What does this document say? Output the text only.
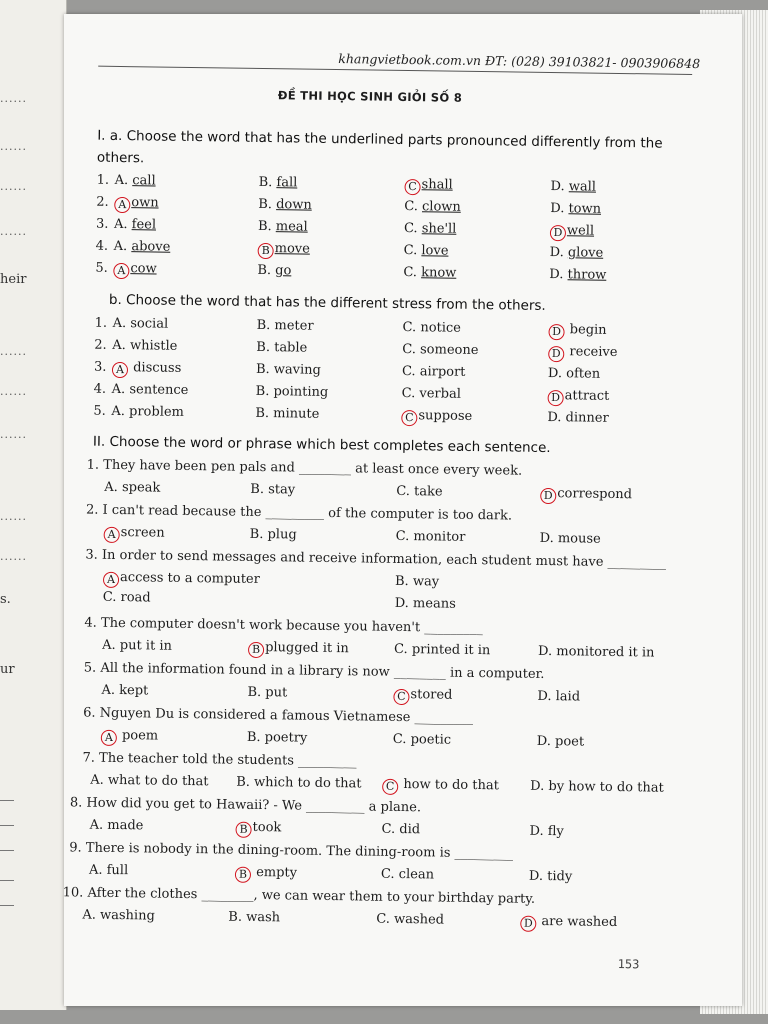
......
......
......
......
heir
......
......
......
......
......
s.
ur
khangvietbook.com.vn ĐT: (028) 39103821- 0903906848
ĐỀ THI HỌC SINH GIỎI SỐ 8
I. a. Choose the word that has the underlined parts pronounced differently from the
others.
1. A. call	B. fall	C shall	D. wall
2. A own	B. down	C. clown	D. town
3. A. feel	B. meal	C. she'll	D well
4. A. above	B move	C. love	D. glove
5. A cow	B. go	C. know	D. throw
b. Choose the word that has the different stress from the others.
1. A. social	B. meter	C. notice	D begin
2. A. whistle	B. table	C. someone	D receive
3. A discuss	B. waving	C. airport	D. often
4. A. sentence	B. pointing	C. verbal	D attract
5. A. problem	B. minute	C suppose	D. dinner
II. Choose the word or phrase which best completes each sentence.
1. They have been pen pals and ________ at least once every week.
A. speak	B. stay	C. take	D correspond
2. I can't read because the _________ of the computer is too dark.
A screen	B. plug	C. monitor	D. mouse
3. In order to send messages and receive information, each student must have _________
A access to a computer	B. way
C. road	D. means
4. The computer doesn't work because you haven't _________
A. put it in	B plugged it in	C. printed it in	D. monitored it in
5. All the information found in a library is now ________ in a computer.
A. kept	B. put	C stored	D. laid
6. Nguyen Du is considered a famous Vietnamese _________
A poem	B. poetry	C. poetic	D. poet
7. The teacher told the students _________
A. what to do that B. which to do that	C how to do that D. by how to do that
8. How did you get to Hawaii? - We _________ a plane.
A. made	B took	C. did	D. fly
9. There is nobody in the dining-room. The dining-room is _________
A. full	B empty	C. clean	D. tidy
10. After the clothes ________, we can wear them to your birthday party.
A. washing	B. wash	C. washed	D are washed
153
